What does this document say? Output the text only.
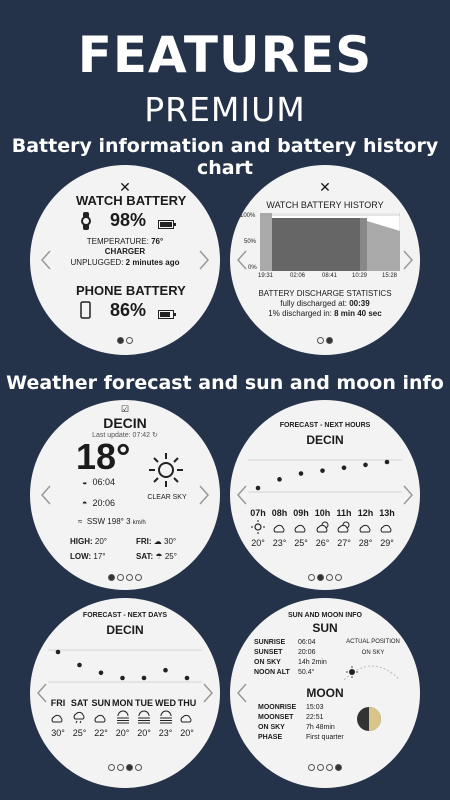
FEATURES
PREMIUM
Battery information and battery history chart
Weather forecast and sun and moon info
✕
WATCH BATTERY
98%
TEMPERATURE: 76°
CHARGER
UNPLUGGED: 2 minutes ago
PHONE BATTERY
86%
✕
WATCH BATTERY HISTORY
100%
50%
0%
19:31	02:06	08:41 10:29 15:28
BATTERY DISCHARGE STATISTICS
fully discharged at: 00:39
1% discharged in: 8 min 40 sec
☑
DECIN
Last update: 07:42 ↻
18°
◒ 06:04
◓ 20:06
CLEAR SKY
≈ SSW 198° 3 km/h
HIGH: 20°
LOW: 17°
FRI: ☁ 30°
SAT: ☂ 25°
FORECAST - NEXT HOURS
DECIN
07h
20°
08h
23°
09h
25°
10h
26°
11h
27°
12h
28°
13h
29°
FORECAST - NEXT DAYS
DECIN
FRI
30°
SAT
25°
SUN
22°
MON
20°
TUE
20°
WED
23°
THU
20°
SUN AND MOON INFO
SUN
SUNRISE
SUNSET
ON SKY
NOON ALT
06:04
20:06
14h 2min
50.4°
ACTUAL POSITION
ON SKY
MOON
MOONRISE
MOONSET
ON SKY
PHASE
15:03
22:51
7h 48min
First quarter
